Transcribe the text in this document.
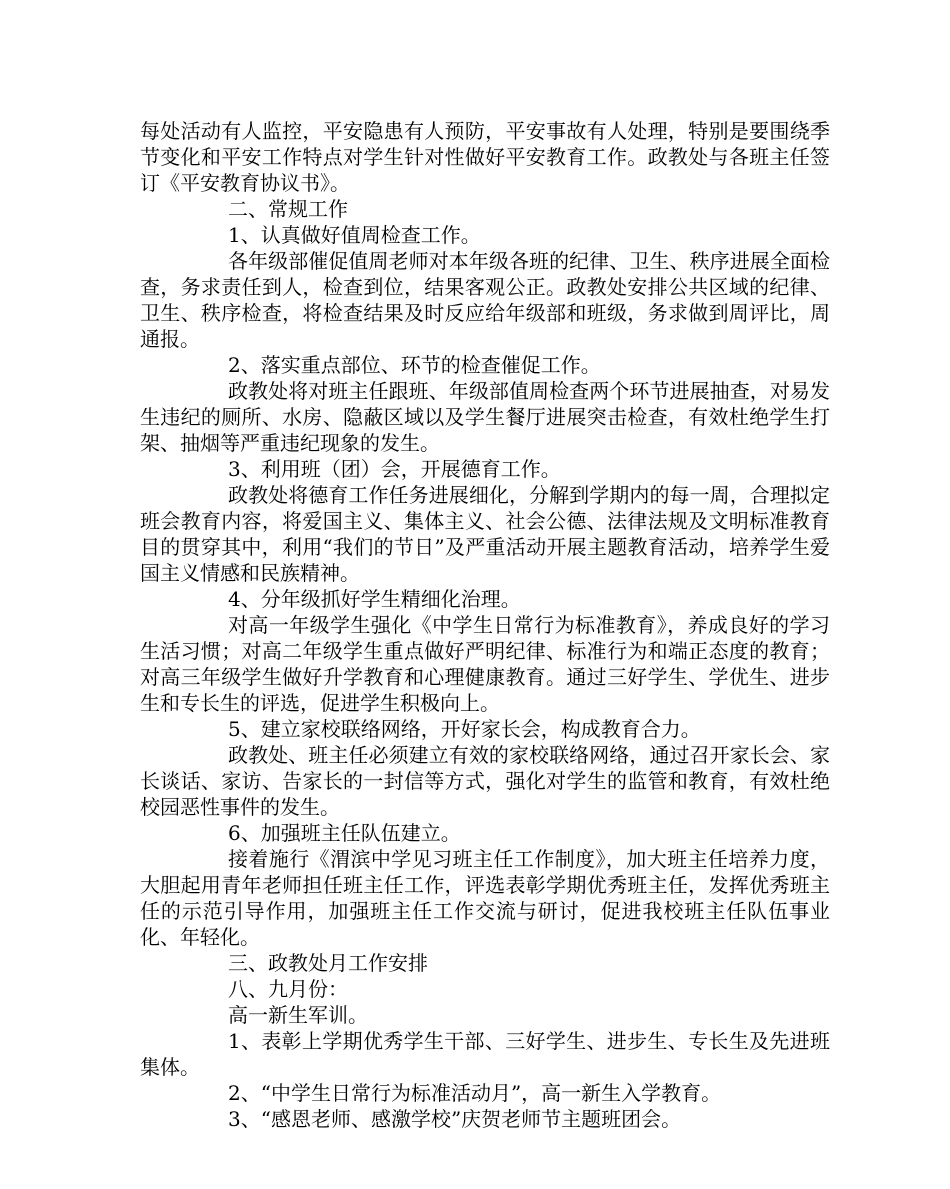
每处活动有人监控，平安隐患有人预防，平安事故有人处理，特别是要围绕季节变化和平安工作特点对学生针对性做好平安教育工作。政教处与各班主任签订《平安教育协议书》。

二、常规工作

1、认真做好值周检查工作。

各年级部催促值周老师对本年级各班的纪律、卫生、秩序进展全面检查，务求责任到人，检查到位，结果客观公正。政教处安排公共区域的纪律、卫生、秩序检查，将检查结果及时反应给年级部和班级，务求做到周评比，周通报。

2、落实重点部位、环节的检查催促工作。

政教处将对班主任跟班、年级部值周检查两个环节进展抽查，对易发生违纪的厕所、水房、隐蔽区域以及学生餐厅进展突击检查，有效杜绝学生打架、抽烟等严重违纪现象的发生。

3、利用班（团）会，开展德育工作。

政教处将德育工作任务进展细化，分解到学期内的每一周，合理拟定班会教育内容，将爱国主义、集体主义、社会公德、法律法规及文明标准教育目的贯穿其中，利用“我们的节日”及严重活动开展主题教育活动，培养学生爱国主义情感和民族精神。

4、分年级抓好学生精细化治理。

对高一年级学生强化《中学生日常行为标准教育》，养成良好的学习生活习惯；对高二年级学生重点做好严明纪律、标准行为和端正态度的教育；对高三年级学生做好升学教育和心理健康教育。通过三好学生、学优生、进步生和专长生的评选，促进学生积极向上。

5、建立家校联络网络，开好家长会，构成教育合力。

政教处、班主任必须建立有效的家校联络网络，通过召开家长会、家长谈话、家访、告家长的一封信等方式，强化对学生的监管和教育，有效杜绝校园恶性事件的发生。

6、加强班主任队伍建立。

接着施行《渭滨中学见习班主任工作制度》，加大班主任培养力度，大胆起用青年老师担任班主任工作，评选表彰学期优秀班主任，发挥优秀班主任的示范引导作用，加强班主任工作交流与研讨，促进我校班主任队伍事业化、年轻化。

三、政教处月工作安排

八、九月份：

高一新生军训。

1、表彰上学期优秀学生干部、三好学生、进步生、专长生及先进班集体。

2、“中学生日常行为标准活动月”，高一新生入学教育。

3、“感恩老师、感激学校”庆贺老师节主题班团会。
